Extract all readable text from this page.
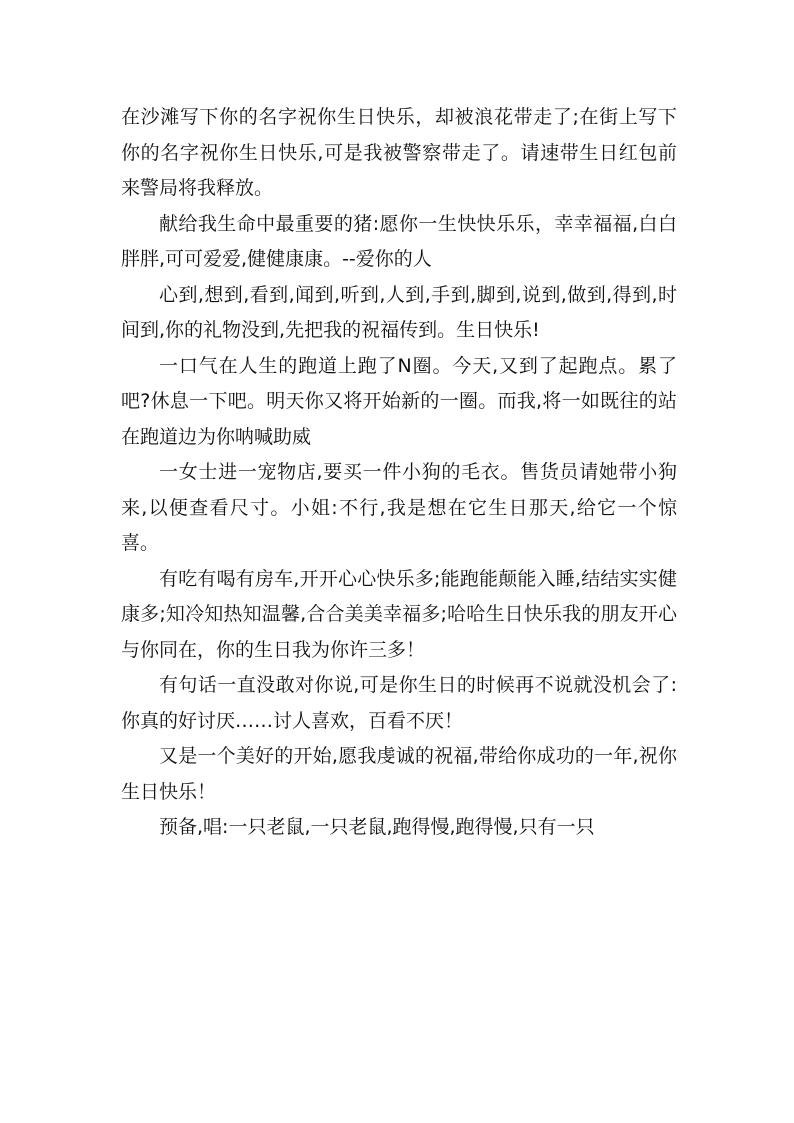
在沙滩写下你的名字祝你生日快乐，却被浪花带走了;在街上写下你的名字祝你生日快乐,可是我被警察带走了。请速带生日红包前来警局将我释放。

献给我生命中最重要的猪:愿你一生快快乐乐，幸幸福福,白白胖胖,可可爱爱,健健康康。--爱你的人

心到,想到,看到,闻到,听到,人到,手到,脚到,说到,做到,得到,时间到,你的礼物没到,先把我的祝福传到。生日快乐!

一口气在人生的跑道上跑了N圈。今天,又到了起跑点。累了吧?休息一下吧。明天你又将开始新的一圈。而我,将一如既往的站在跑道边为你呐喊助威

一女士进一宠物店,要买一件小狗的毛衣。售货员请她带小狗来,以便查看尺寸。小姐:不行,我是想在它生日那天,给它一个惊喜。

有吃有喝有房车,开开心心快乐多;能跑能颠能入睡,结结实实健康多;知冷知热知温馨,合合美美幸福多;哈哈生日快乐我的朋友开心与你同在，你的生日我为你许三多！

有句话一直没敢对你说,可是你生日的时候再不说就没机会了:你真的好讨厌……讨人喜欢，百看不厌！

又是一个美好的开始,愿我虔诚的祝福,带给你成功的一年,祝你生日快乐！

预备,唱:一只老鼠,一只老鼠,跑得慢,跑得慢,只有一只
